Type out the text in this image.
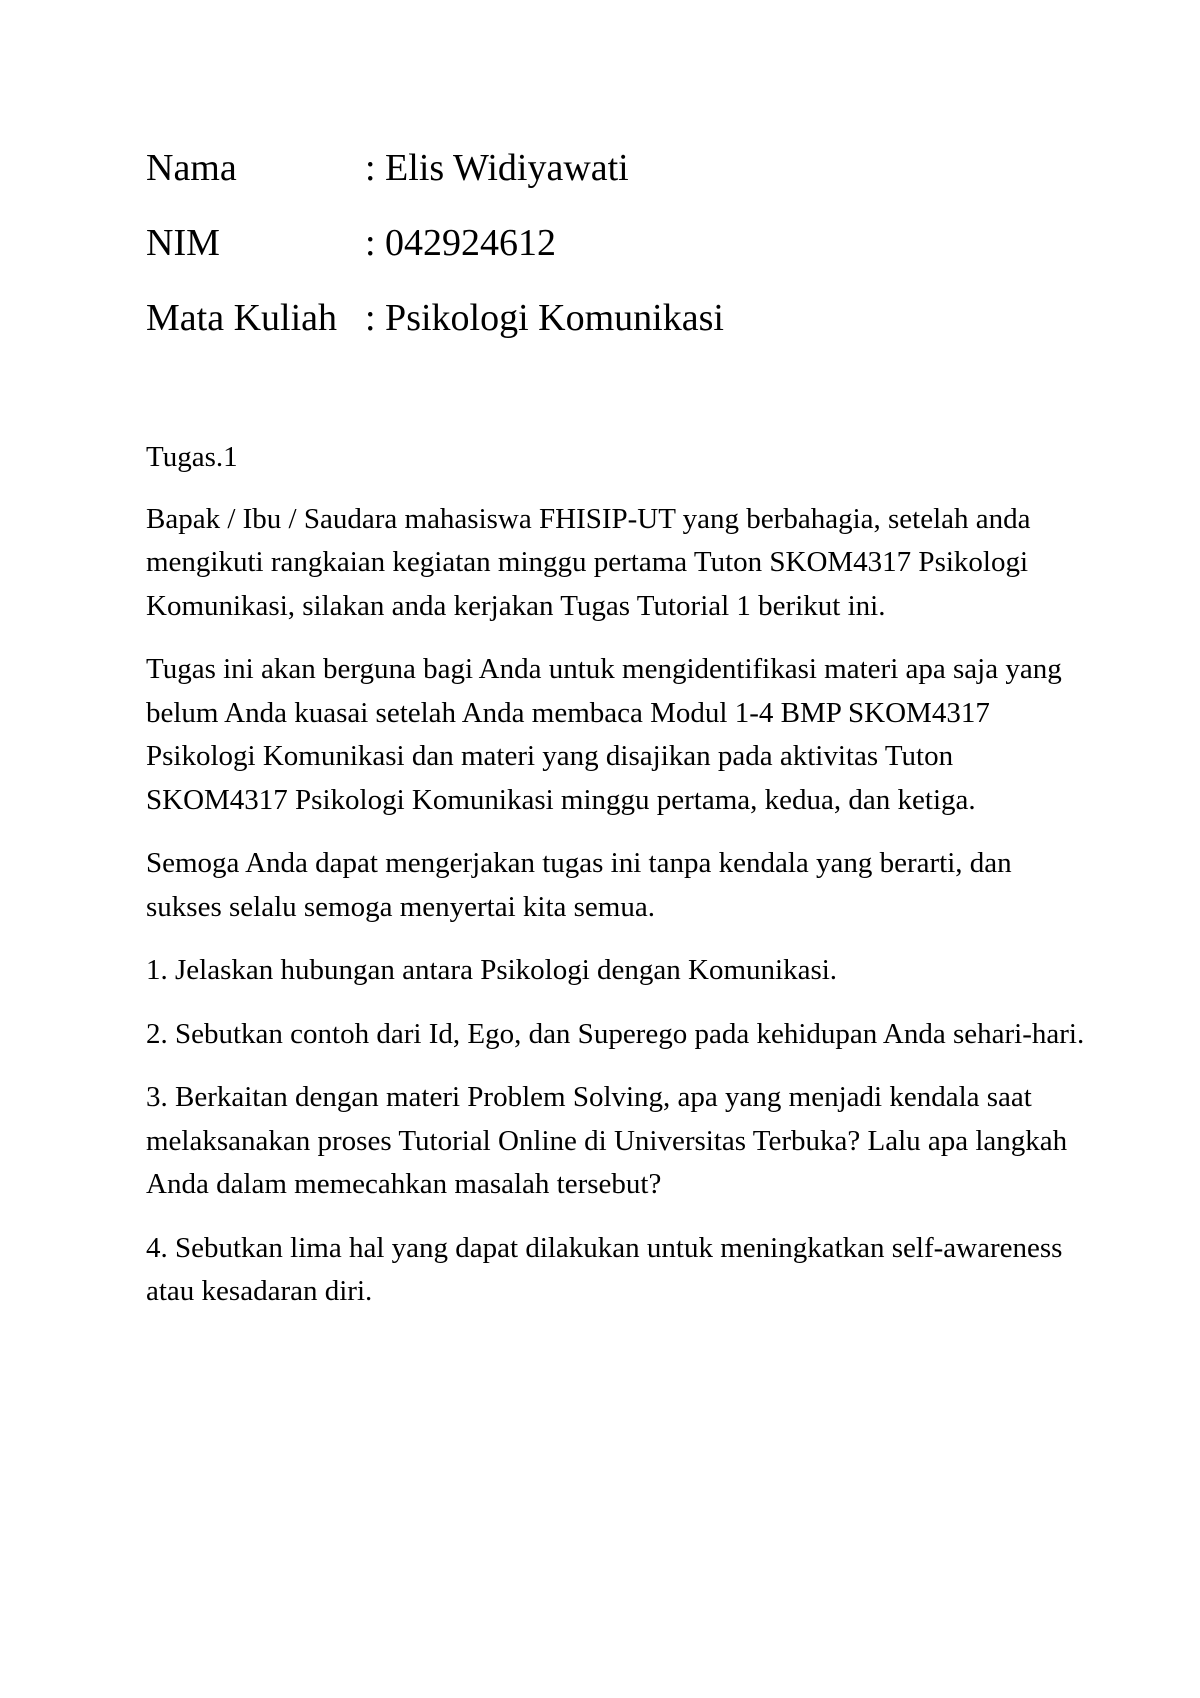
Nama	: Elis Widiyawati
NIM	: 042924612
Mata Kuliah : Psikologi Komunikasi

Tugas.1

Bapak / Ibu / Saudara mahasiswa FHISIP-UT yang berbahagia, setelah anda mengikuti rangkaian kegiatan minggu pertama Tuton SKOM4317 Psikologi Komunikasi, silakan anda kerjakan Tugas Tutorial 1 berikut ini.

Tugas ini akan berguna bagi Anda untuk mengidentifikasi materi apa saja yang belum Anda kuasai setelah Anda membaca Modul 1-4 BMP SKOM4317 Psikologi Komunikasi dan materi yang disajikan pada aktivitas Tuton SKOM4317 Psikologi Komunikasi minggu pertama, kedua, dan ketiga.

Semoga Anda dapat mengerjakan tugas ini tanpa kendala yang berarti, dan sukses selalu semoga menyertai kita semua.

1. Jelaskan hubungan antara Psikologi dengan Komunikasi.

2. Sebutkan contoh dari Id, Ego, dan Superego pada kehidupan Anda sehari-hari.

3. Berkaitan dengan materi Problem Solving, apa yang menjadi kendala saat melaksanakan proses Tutorial Online di Universitas Terbuka? Lalu apa langkah Anda dalam memecahkan masalah tersebut?

4. Sebutkan lima hal yang dapat dilakukan untuk meningkatkan self-awareness atau kesadaran diri.
